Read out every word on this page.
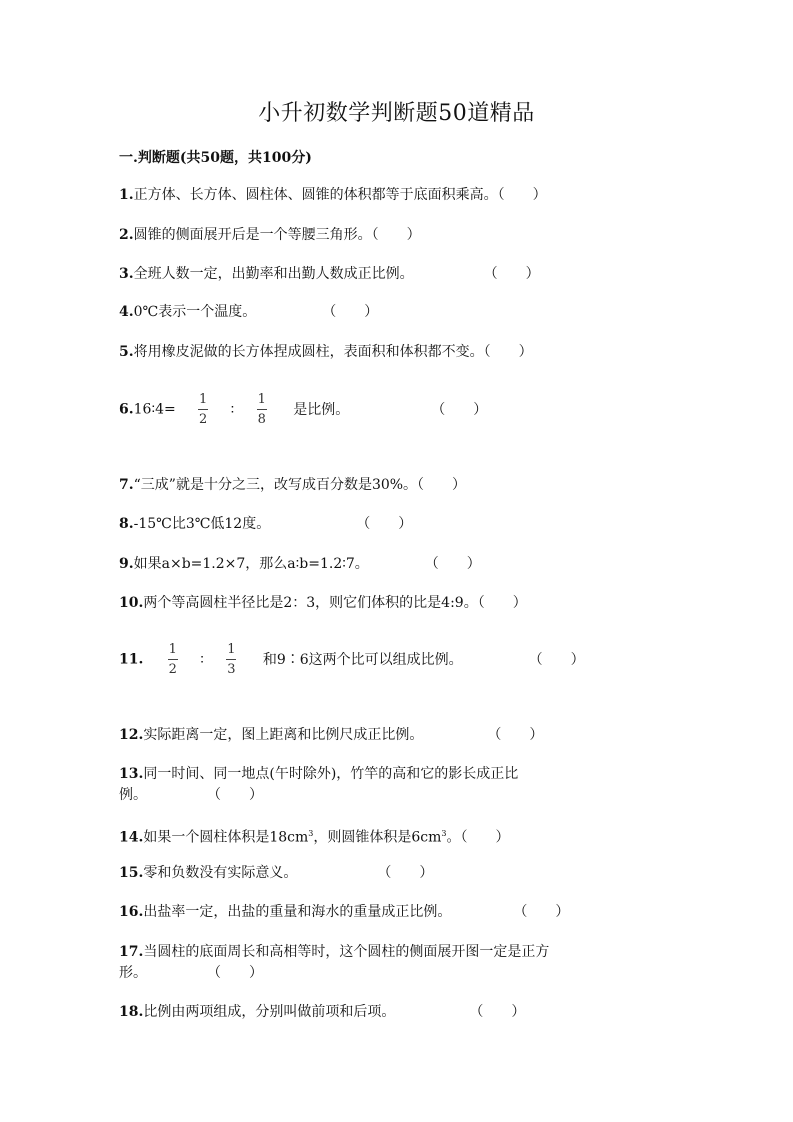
小升初数学判断题50道精品
一.判断题(共50题，共100分)
1.正方体、长方体、圆柱体、圆锥的体积都等于底面积乘高。（　　）
2.圆锥的侧面展开后是一个等腰三角形。（　　）
3.全班人数一定，出勤率和出勤人数成正比例。	（　　）
4.0℃表示一个温度。	（　　）
5.将用橡皮泥做的长方体捏成圆柱，表面积和体积都不变。（　　）
6.16∶4= $\frac{1}{2}$ ∶ $\frac{1}{8}$ 是比例。	（　　）
7.“三成”就是十分之三，改写成百分数是30%。（　　）
8.-15℃比3℃低12度。	（　　）
9.如果a×b=1.2×7，那么a∶b=1.2∶7。	（　　）
10.两个等高圆柱半径比是2：3，则它们体积的比是4:9。（　　）
11. $\frac{1}{2}$ ∶ $\frac{1}{3}$ 和9∶6这两个比可以组成比例。	（　　）
12.实际距离一定，图上距离和比例尺成正比例。	（　　）
13.同一时间、同一地点(午时除外)，竹竿的高和它的影长成正比
例。	（　　）
14.如果一个圆柱体积是$18cm^3$，则圆锥体积是$6cm^3$。（　　）
15.零和负数没有实际意义。	（　　）
16.出盐率一定，出盐的重量和海水的重量成正比例。	（　　）
17.当圆柱的底面周长和高相等时，这个圆柱的侧面展开图一定是正方
形。	（　　）
18.比例由两项组成，分别叫做前项和后项。	（　　）
